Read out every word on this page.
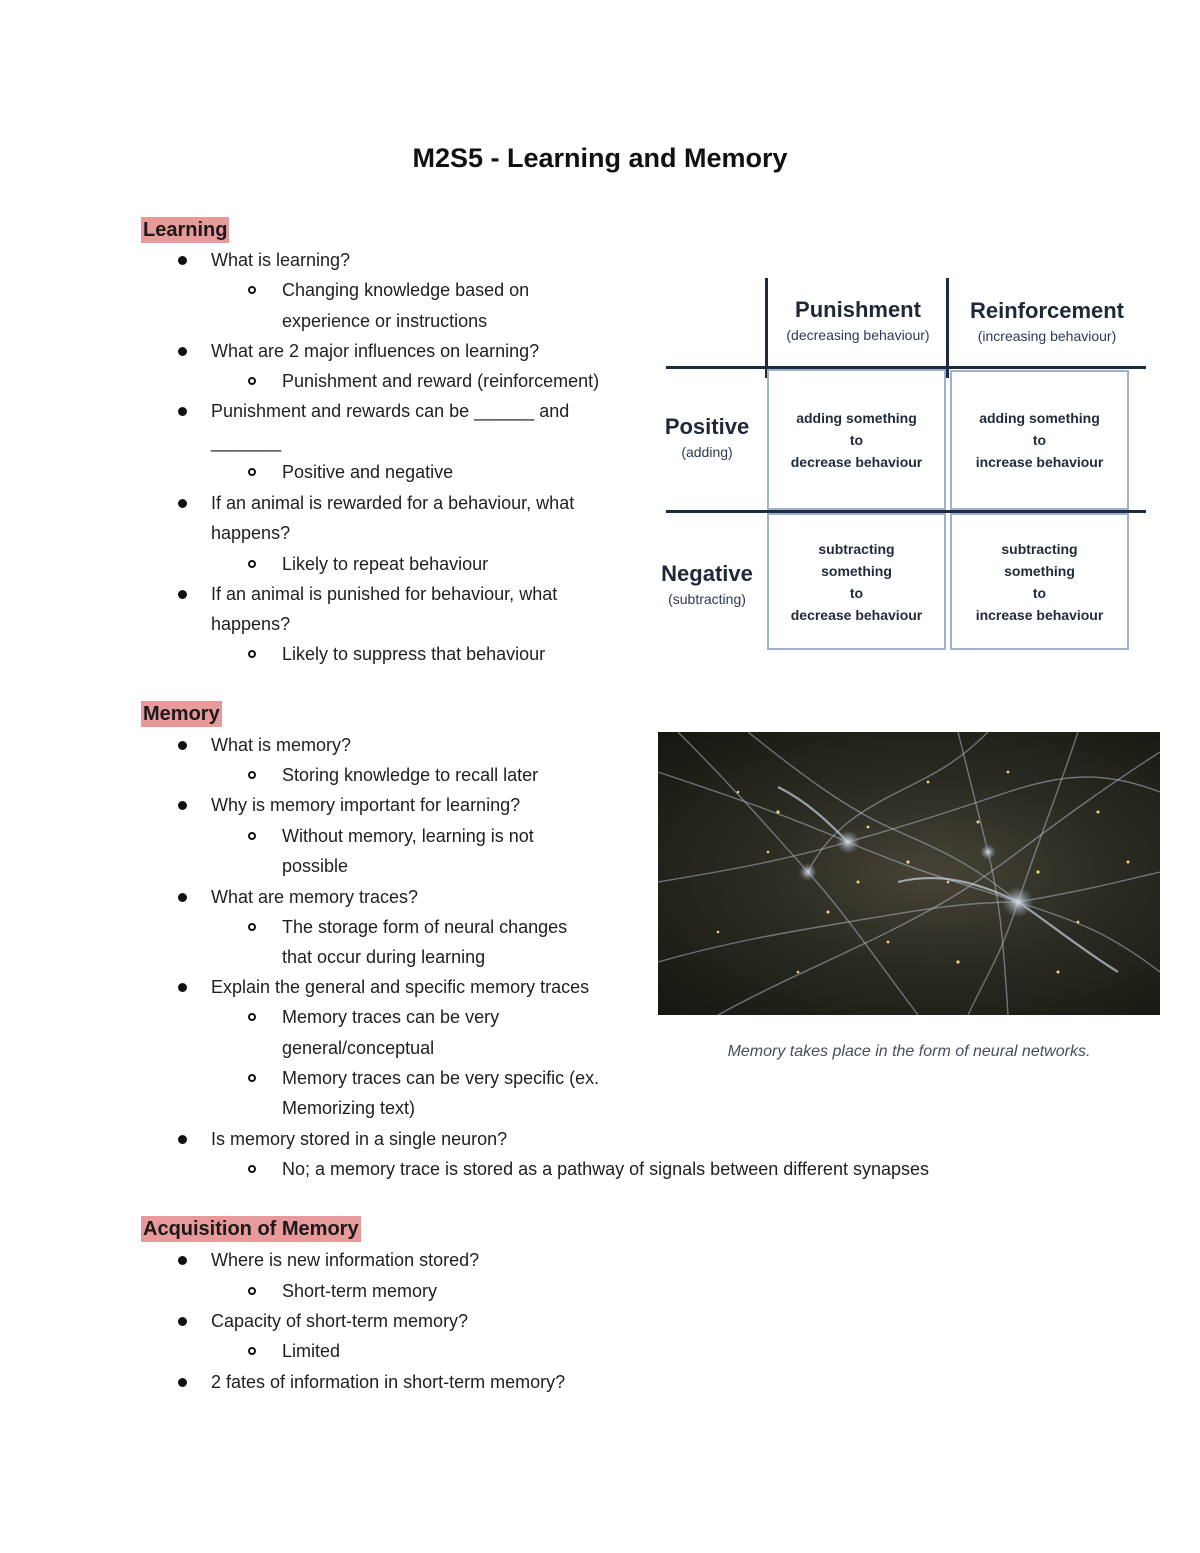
M2S5 - Learning and Memory
Learning
What is learning?
Changing knowledge based on
experience or instructions
What are 2 major influences on learning?
Punishment and reward (reinforcement)
Punishment and rewards can be ______ and
_______
Positive and negative
If an animal is rewarded for a behaviour, what
happens?
Likely to repeat behaviour
If an animal is punished for behaviour, what
happens?
Likely to suppress that behaviour
Punishment
(decreasing behaviour)
Reinforcement
(increasing behaviour)
Positive
(adding)
Negative
(subtracting)
adding something
to
decrease behaviour
adding something
to
increase behaviour
subtracting
something
to
decrease behaviour
subtracting
something
to
increase behaviour
Memory
What is memory?
Storing knowledge to recall later
Why is memory important for learning?
Without memory, learning is not
possible
What are memory traces?
The storage form of neural changes
that occur during learning
Explain the general and specific memory traces
Memory traces can be very
general/conceptual
Memory traces can be very specific (ex.
Memorizing text)
Is memory stored in a single neuron?
No; a memory trace is stored as a pathway of signals between different synapses
Memory takes place in the form of neural networks.
Acquisition of Memory
Where is new information stored?
Short-term memory
Capacity of short-term memory?
Limited
2 fates of information in short-term memory?
